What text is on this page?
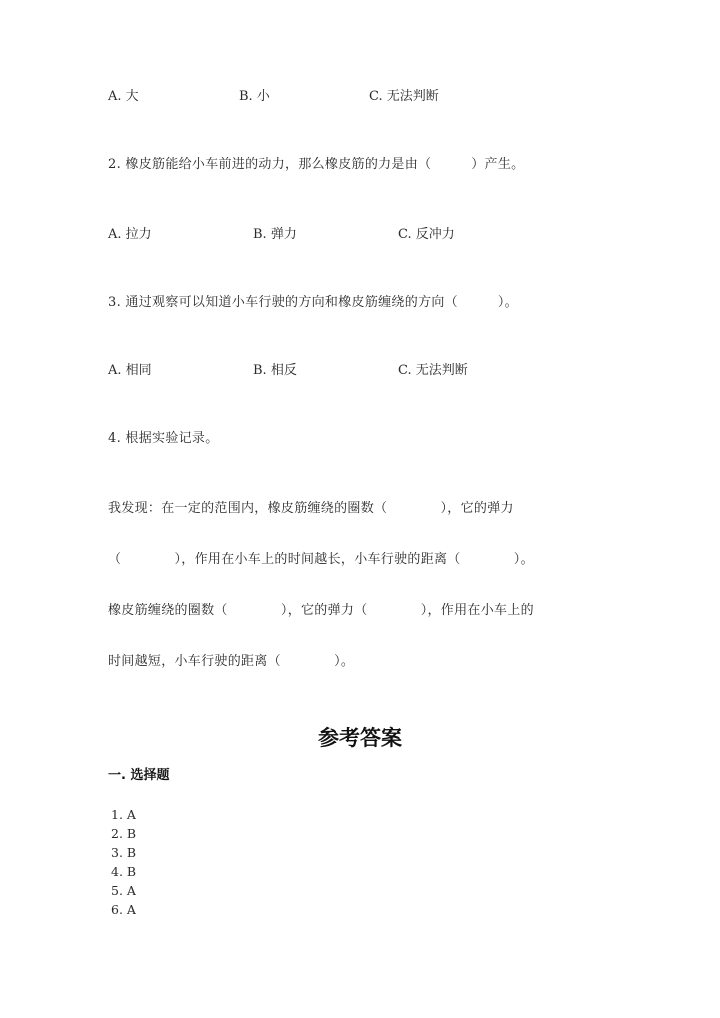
A. 大	B. 小	C. 无法判断
2. 橡皮筋能给小车前进的动力，那么橡皮筋的力是由（　　　）产生。
A. 拉力	B. 弹力	C. 反冲力
3. 通过观察可以知道小车行驶的方向和橡皮筋缠绕的方向（　　　）。
A. 相同	B. 相反	C. 无法判断
4. 根据实验记录。
我发现：在一定的范围内，橡皮筋缠绕的圈数（　　　　），它的弹力
（　　　　），作用在小车上的时间越长，小车行驶的距离（　　　　）。
橡皮筋缠绕的圈数（　　　　），它的弹力（　　　　），作用在小车上的
时间越短，小车行驶的距离（　　　　）。
参考答案
一. 选择题
1. A
2. B
3. B
4. B
5. A
6. A
